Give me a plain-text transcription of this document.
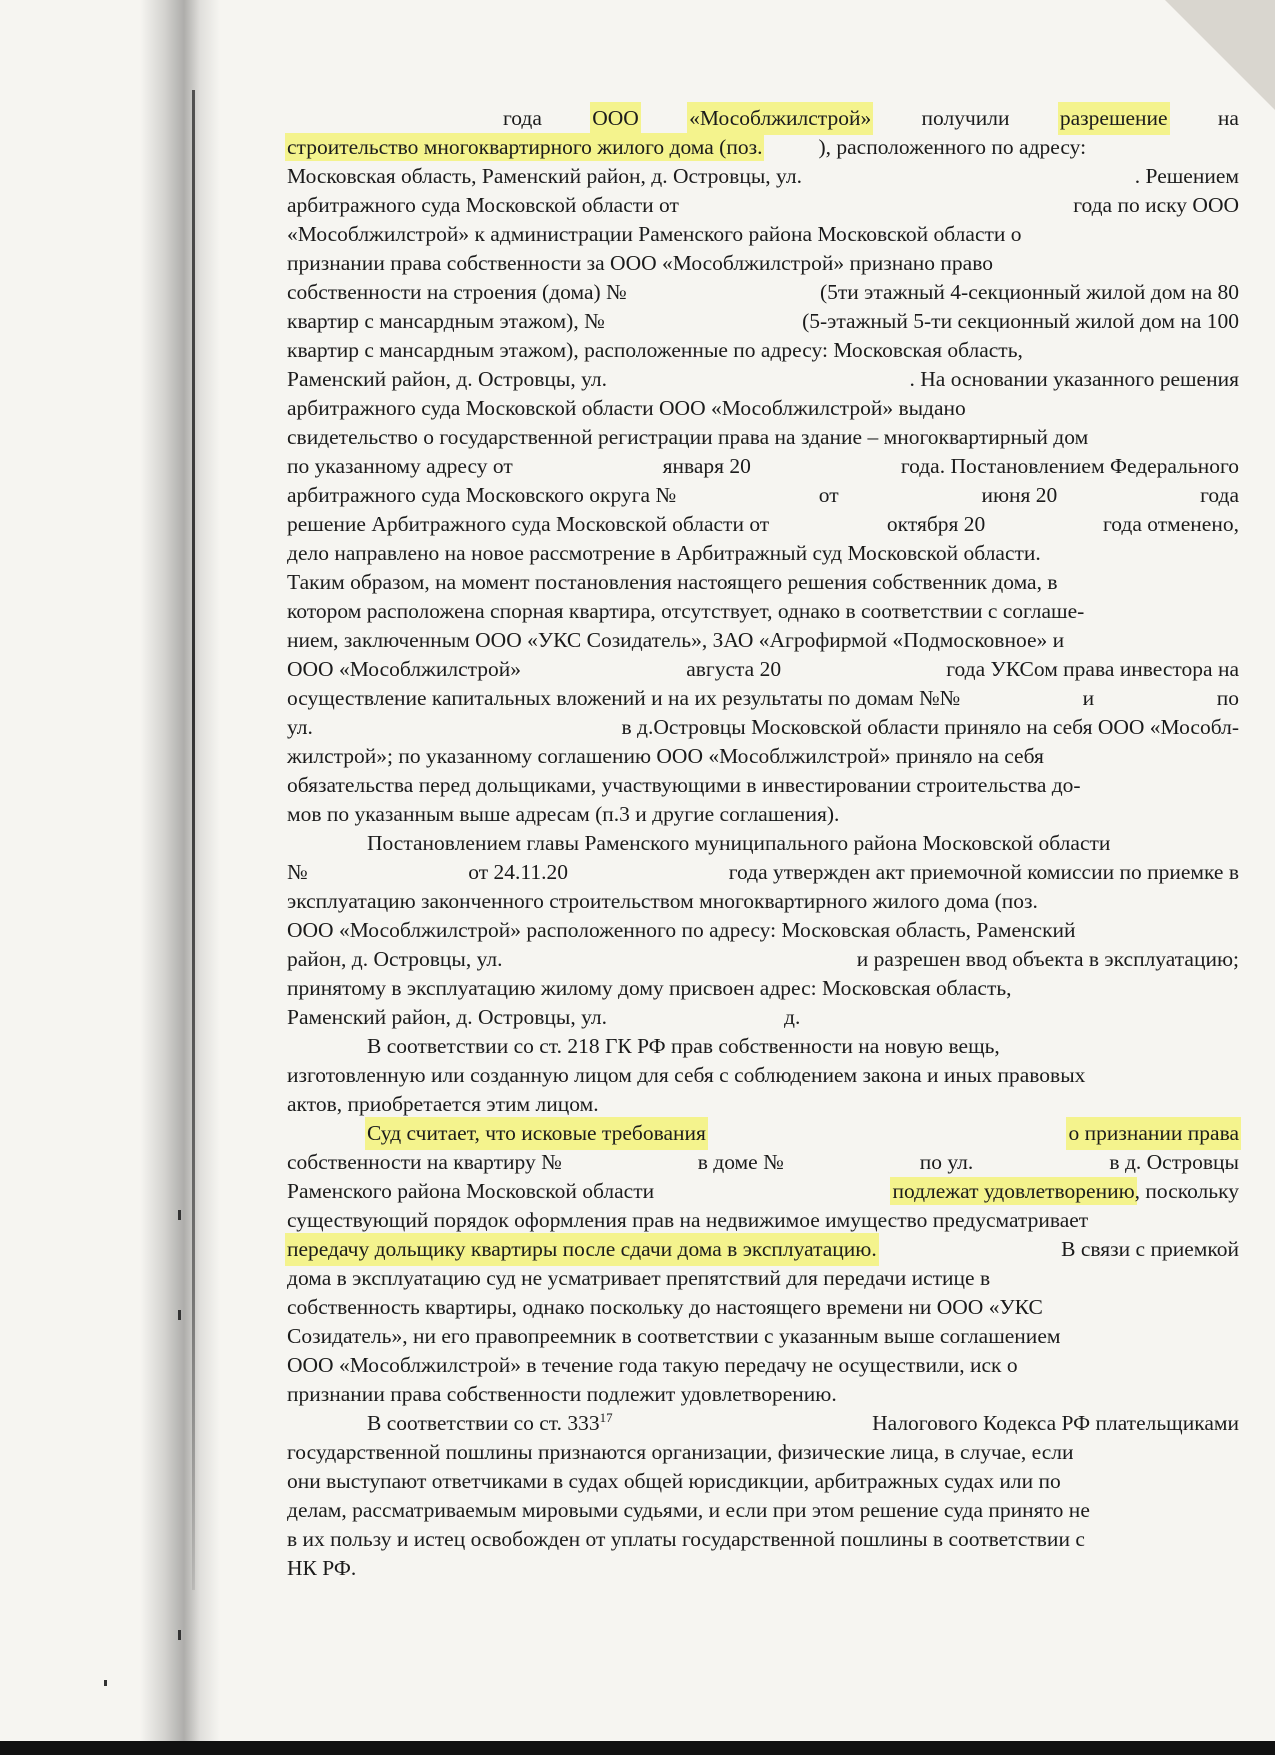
года ООО «Мособлжилстрой» получили разрешение на
строительство многоквартирного жилого дома (поз.	), расположенного по адресу:
Московская область, Раменский район, д. Островцы, ул.	. Решением
арбитражного суда Московской области от	года по иску ООО
«Мособлжилстрой» к администрации Раменского района Московской области о
признании права собственности за ООО «Мособлжилстрой» признано право
собственности на строения (дома) №	(5ти этажный 4-секционный жилой дом на 80
квартир с мансардным этажом), №	(5-этажный 5-ти секционный жилой дом на 100
квартир с мансардным этажом), расположенные по адресу: Московская область,
Раменский район, д. Островцы, ул.	. На основании указанного решения
арбитражного суда Московской области ООО «Мособлжилстрой» выдано
свидетельство о государственной регистрации права на здание – многоквартирный дом
по указанному адресу от	января 20	года. Постановлением Федерального
арбитражного суда Московского округа №	от	июня 20	года
решение Арбитражного суда Московской области от	октября 20	года отменено,
дело направлено на новое рассмотрение в Арбитражный суд Московской области.
Таким образом, на момент постановления настоящего решения собственник дома, в
котором расположена спорная квартира, отсутствует, однако в соответствии с соглаше-
нием, заключенным ООО «УКС Созидатель», ЗАО «Агрофирмой «Подмосковное» и
ООО «Мособлжилстрой»	августа 20	года УКСом права инвестора на
осуществление капитальных вложений и на их результаты по домам №№	и	по
ул.	в д.Островцы Московской области приняло на себя ООО «Мособл-
жилстрой»; по указанному соглашению ООО «Мособлжилстрой» приняло на себя
обязательства перед дольщиками, участвующими в инвестировании строительства до-
мов по указанным выше адресам (п.3 и другие соглашения).
Постановлением главы Раменского муниципального района Московской области
№	от 24.11.20	года утвержден акт приемочной комиссии по приемке в
эксплуатацию законченного строительством многоквартирного жилого дома (поз.
ООО «Мособлжилстрой» расположенного по адресу: Московская область, Раменский
район, д. Островцы, ул.	и разрешен ввод объекта в эксплуатацию;
принятому в эксплуатацию жилому дому присвоен адрес: Московская область,
Раменский район, д. Островцы, ул.	д.
В соответствии со ст. 218 ГК РФ прав собственности на новую вещь,
изготовленную или созданную лицом для себя с соблюдением закона и иных правовых
актов, приобретается этим лицом.
Суд считает, что исковые требования	о признании права
собственности на квартиру №	в доме №	по ул.	в д. Островцы
Раменского района Московской области	подлежат удовлетворению, поскольку
существующий порядок оформления прав на недвижимое имущество предусматривает
передачу дольщику квартиры после сдачи дома в эксплуатацию.	В связи с приемкой
дома в эксплуатацию суд не усматривает препятствий для передачи истице в
собственность квартиры, однако поскольку до настоящего времени ни ООО «УКС
Созидатель», ни его правопреемник в соответствии с указанным выше соглашением
ООО «Мособлжилстрой» в течение года такую передачу не осуществили, иск о
признании права собственности подлежит удовлетворению.
В соответствии со ст. $333^{17}$	Налогового Кодекса РФ плательщиками
государственной пошлины признаются организации, физические лица, в случае, если
они выступают ответчиками в судах общей юрисдикции, арбитражных судах или по
делам, рассматриваемым мировыми судьями, и если при этом решение суда принято не
в их пользу и истец освобожден от уплаты государственной пошлины в соответствии с
НК РФ.
